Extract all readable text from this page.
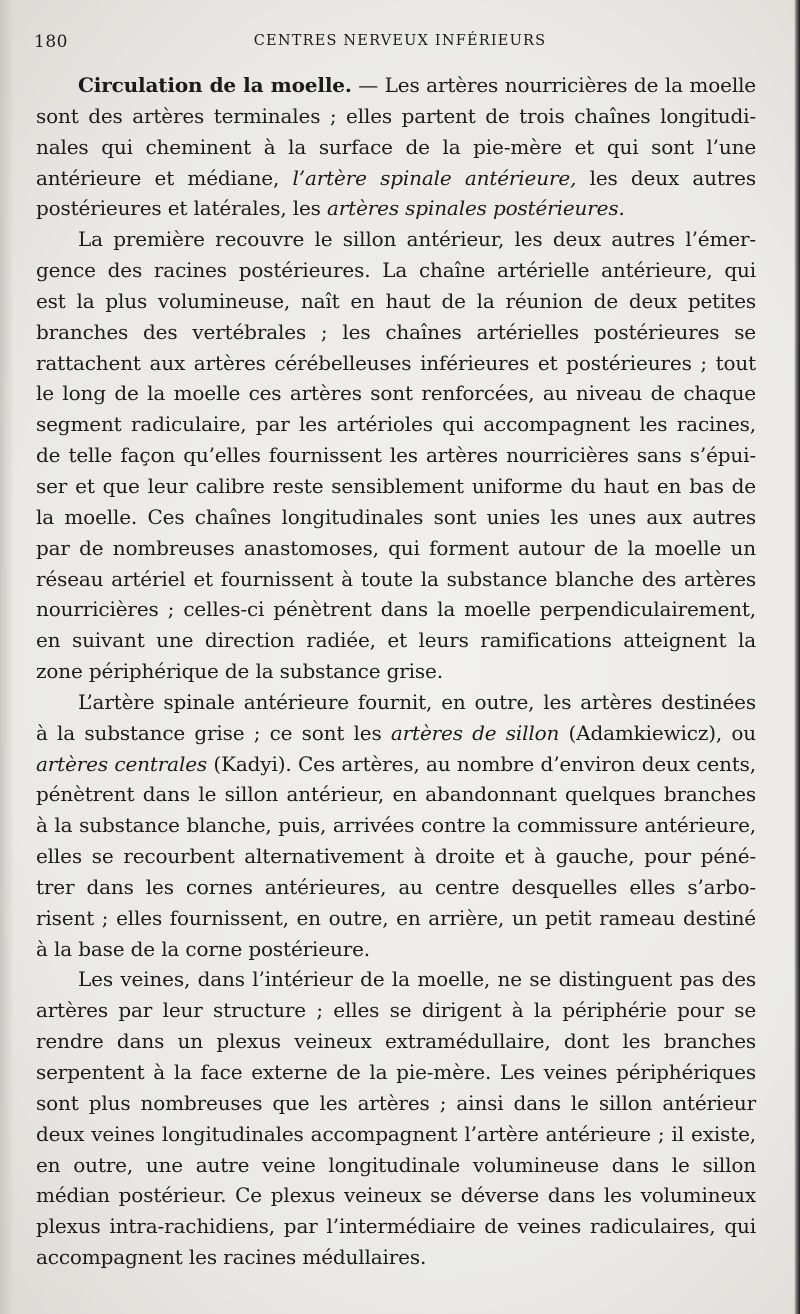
180	CENTRES NERVEUX INFÉRIEURS
Circulation de la moelle. — Les artères nourricières de la moelle
sont des artères terminales ; elles partent de trois chaînes longitudi-
nales qui cheminent à la surface de la pie-mère et qui sont l’une
antérieure et médiane, l’artère spinale antérieure, les deux autres
postérieures et latérales, les artères spinales postérieures.
La première recouvre le sillon antérieur, les deux autres l’émer-
gence des racines postérieures. La chaîne artérielle antérieure, qui
est la plus volumineuse, naît en haut de la réunion de deux petites
branches des vertébrales ; les chaînes artérielles postérieures se
rattachent aux artères cérébelleuses inférieures et postérieures ; tout
le long de la moelle ces artères sont renforcées, au niveau de chaque
segment radiculaire, par les artérioles qui accompagnent les racines,
de telle façon qu’elles fournissent les artères nourricières sans s’épui-
ser et que leur calibre reste sensiblement uniforme du haut en bas de
la moelle. Ces chaînes longitudinales sont unies les unes aux autres
par de nombreuses anastomoses, qui forment autour de la moelle un
réseau artériel et fournissent à toute la substance blanche des artères
nourricières ; celles-ci pénètrent dans la moelle perpendiculairement,
en suivant une direction radiée, et leurs ramifications atteignent la
zone périphérique de la substance grise.
L’artère spinale antérieure fournit, en outre, les artères destinées
à la substance grise ; ce sont les artères de sillon (Adamkiewicz), ou
artères centrales (Kadyi). Ces artères, au nombre d’environ deux cents,
pénètrent dans le sillon antérieur, en abandonnant quelques branches
à la substance blanche, puis, arrivées contre la commissure antérieure,
elles se recourbent alternativement à droite et à gauche, pour péné-
trer dans les cornes antérieures, au centre desquelles elles s’arbo-
risent ; elles fournissent, en outre, en arrière, un petit rameau destiné
à la base de la corne postérieure.
Les veines, dans l’intérieur de la moelle, ne se distinguent pas des
artères par leur structure ; elles se dirigent à la périphérie pour se
rendre dans un plexus veineux extramédullaire, dont les branches
serpentent à la face externe de la pie-mère. Les veines périphériques
sont plus nombreuses que les artères ; ainsi dans le sillon antérieur
deux veines longitudinales accompagnent l’artère antérieure ; il existe,
en outre, une autre veine longitudinale volumineuse dans le sillon
médian postérieur. Ce plexus veineux se déverse dans les volumineux
plexus intra-rachidiens, par l’intermédiaire de veines radiculaires, qui
accompagnent les racines médullaires.
